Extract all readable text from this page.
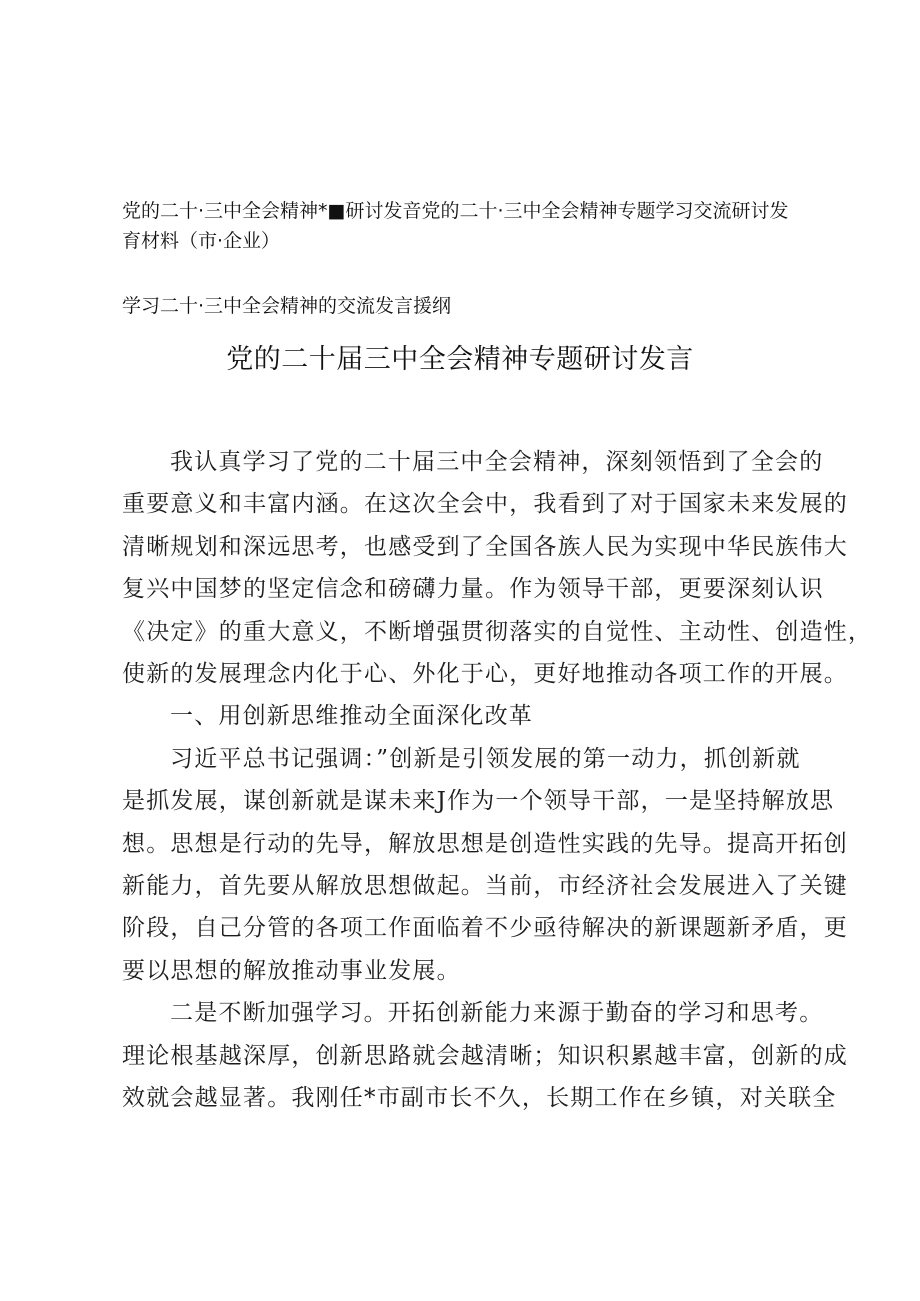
党的二十·三中全会精神*■研讨发音党的二十·三中全会精神专题学习交流研讨发
育材料（市·企业）
学习二十·三中全会精神的交流发言援纲
党的二十届三中全会精神专题研讨发言
我认真学习了党的二十届三中全会精神，深刻领悟到了全会的
重要意义和丰富内涵。在这次全会中，我看到了对于国家未来发展的
清晰规划和深远思考，也感受到了全国各族人民为实现中华民族伟大
复兴中国梦的坚定信念和磅礴力量。作为领导干部，更要深刻认识
《决定》的重大意义，不断增强贯彻落实的自觉性、主动性、创造性，
使新的发展理念内化于心、外化于心，更好地推动各项工作的开展。
一、用创新思维推动全面深化改革
习近平总书记强调：”创新是引领发展的第一动力，抓创新就
是抓发展，谋创新就是谋未来J作为一个领导干部，一是坚持解放思
想。思想是行动的先导，解放思想是创造性实践的先导。提高开拓创
新能力，首先要从解放思想做起。当前，市经济社会发展进入了关键
阶段，自己分管的各项工作面临着不少亟待解决的新课题新矛盾，更
要以思想的解放推动事业发展。
二是不断加强学习。开拓创新能力来源于勤奋的学习和思考。
理论根基越深厚，创新思路就会越清晰；知识积累越丰富，创新的成
效就会越显著。我刚任*市副市长不久，长期工作在乡镇，对关联全
